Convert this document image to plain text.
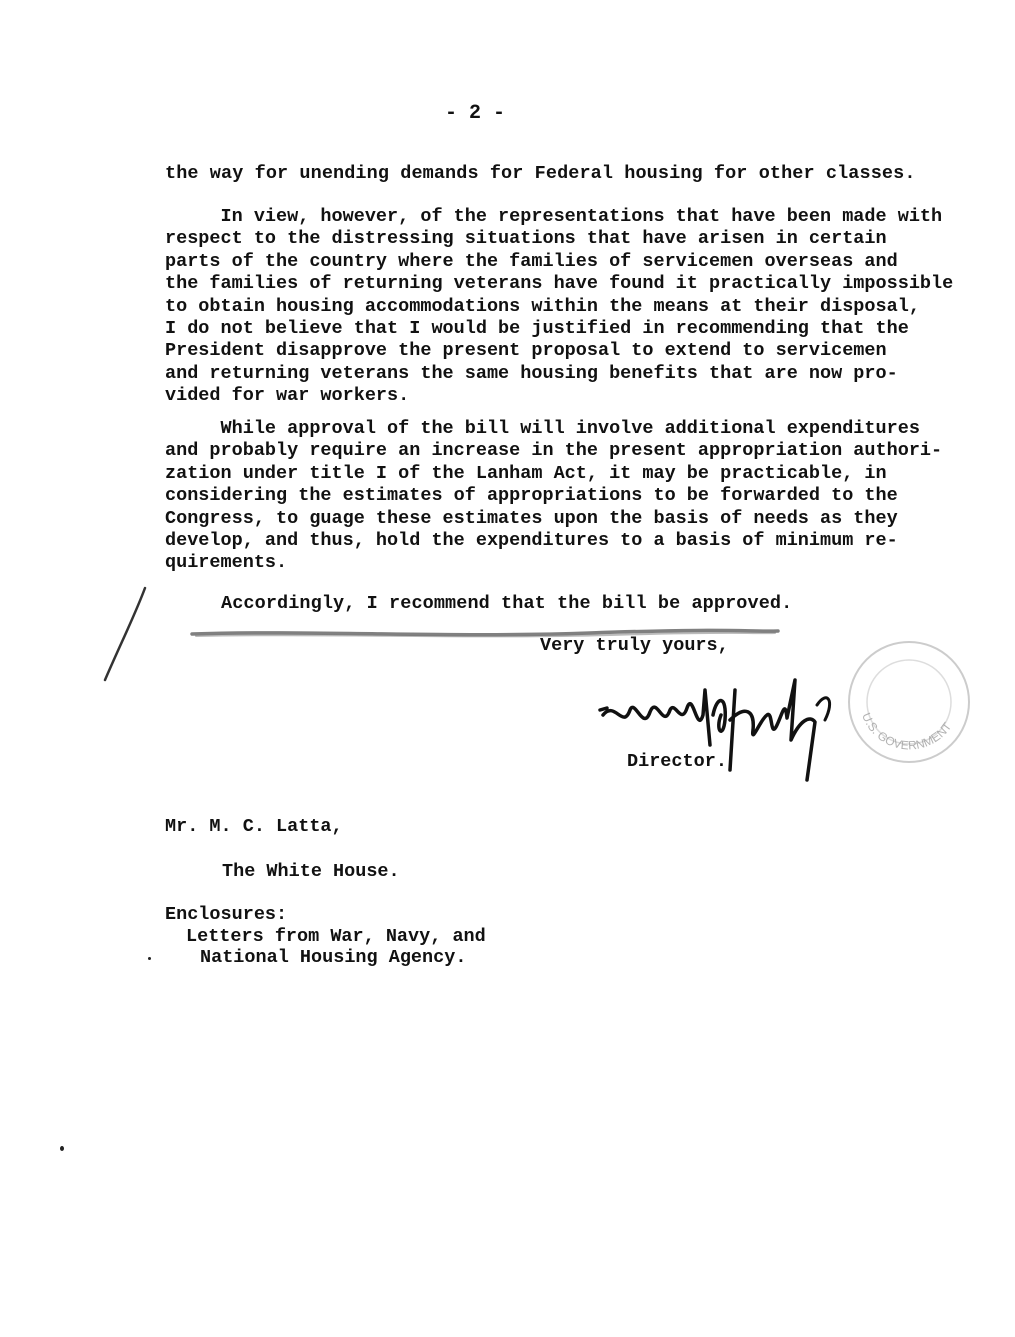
- 2 -
the way for unending demands for Federal housing for other classes.
In view, however, of the representations that have been made with
respect to the distressing situations that have arisen in certain
parts of the country where the families of servicemen overseas and
the families of returning veterans have found it practically impossible
to obtain housing accommodations within the means at their disposal,
I do not believe that I would be justified in recommending that the
President disapprove the present proposal to extend to servicemen
and returning veterans the same housing benefits that are now pro-
vided for war workers.
While approval of the bill will involve additional expenditures
and probably require an increase in the present appropriation authori-
zation under title I of the Lanham Act, it may be practicable, in
considering the estimates of appropriations to be forwarded to the
Congress, to guage these estimates upon the basis of needs as they
develop, and thus, hold the expenditures to a basis of minimum re-
quirements.
Accordingly, I recommend that the bill be approved.
Very truly yours,
U.S. GOVERNMENT
Director.
Mr. M. C. Latta,
The White House.
Enclosures:
Letters from War, Navy, and
National Housing Agency.
